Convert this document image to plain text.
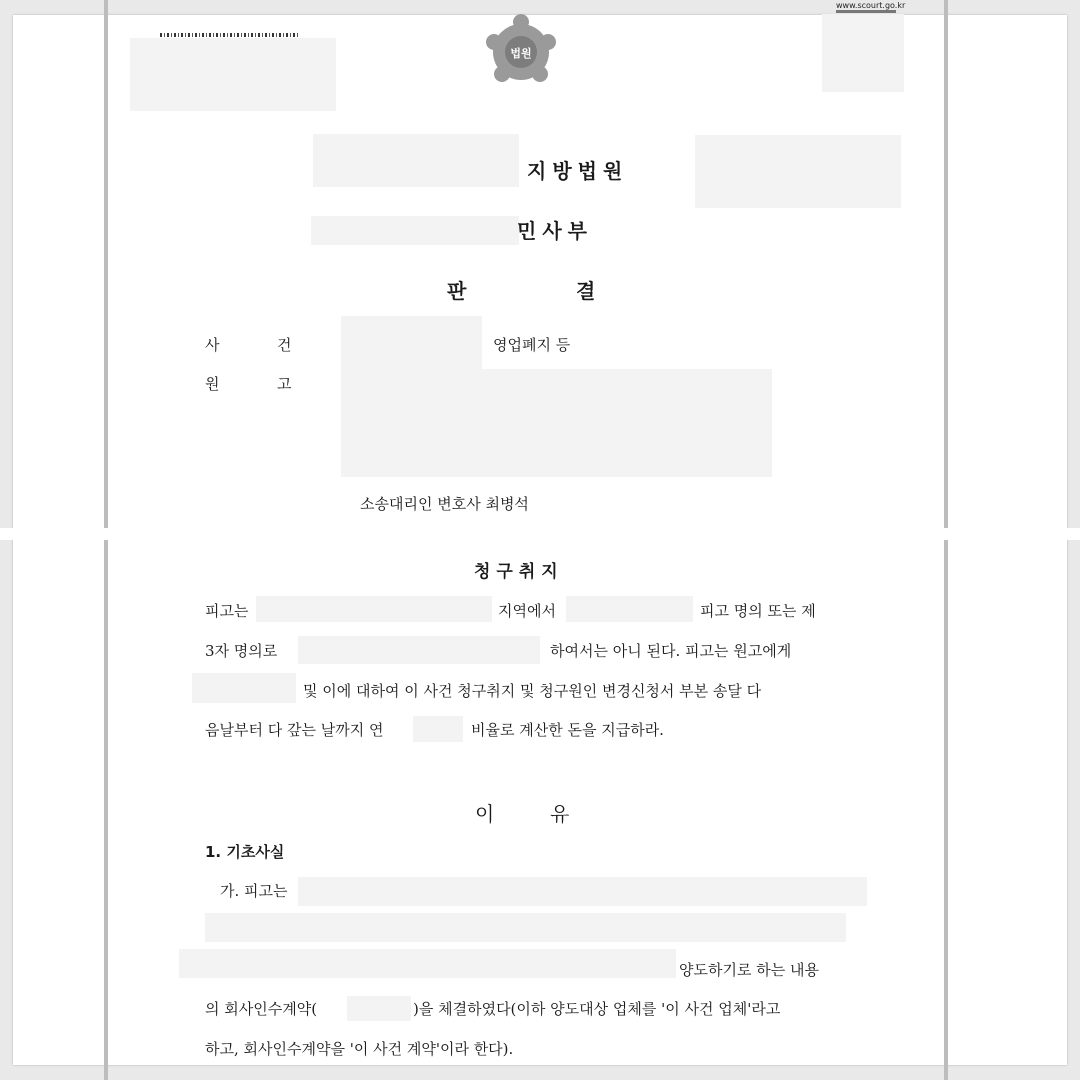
www.scourt.go.kr
법원
지방법원
민사부
판	결
사	건	영업폐지 등
원	고
소송대리인 변호사 최병석
청구취지
피고는	지역에서	피고 명의 또는 제
3자 명의로	하여서는 아니 된다. 피고는 원고에게
및 이에 대하여 이 사건 청구취지 및 청구원인 변경신청서 부본 송달 다
음날부터 다 갚는 날까지 연	비율로 계산한 돈을 지급하라.
이 유
1. 기초사실
가. 피고는
양도하기로 하는 내용
의 회사인수계약(	)을 체결하였다(이하 양도대상 업체를 '이 사건 업체'라고
하고, 회사인수계약을 '이 사건 계약'이라 한다).
